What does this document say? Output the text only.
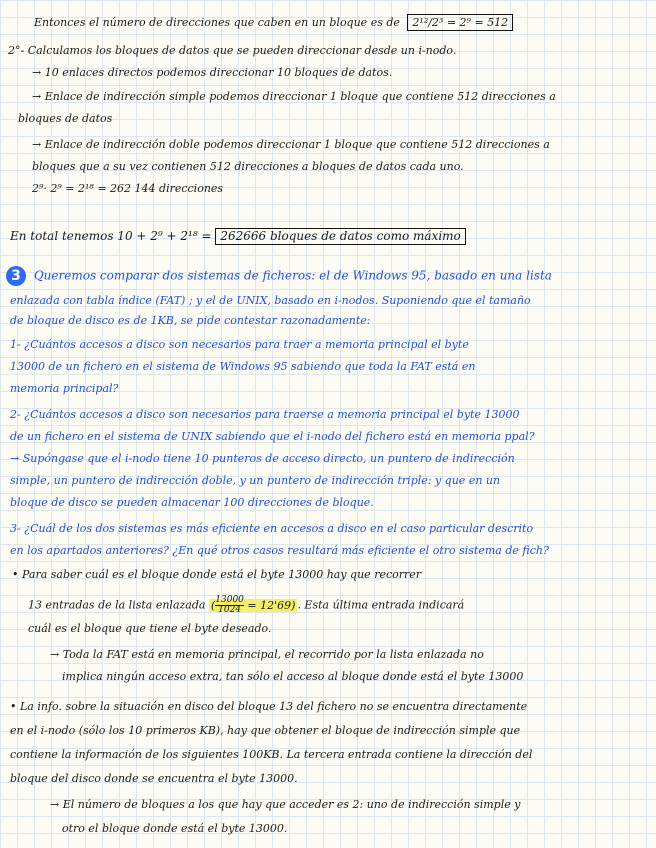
Entonces el número de direcciones que caben en un bloque es de 2¹²/2³ = 2⁹ = 512
2°- Calculamos los bloques de datos que se pueden direccionar desde un i-nodo.
→ 10 enlaces directos podemos direccionar 10 bloques de datos.
→ Enlace de indirección simple podemos direccionar 1 bloque que contiene 512 direcciones a
bloques de datos
→ Enlace de indirección doble podemos direccionar 1 bloque que contiene 512 direcciones a
bloques que a su vez contienen 512 direcciones a bloques de datos cada uno.
2⁹· 2⁹ = 2¹⁸ = 262 144 direcciones
En total tenemos 10 + 2⁹ + 2¹⁸ = 262666 bloques de datos como máximo
3 Queremos comparar dos sistemas de ficheros: el de Windows 95, basado en una lista
enlazada con tabla índice (FAT) ; y el de UNIX, basado en i-nodos. Suponiendo que el tamaño
de bloque de disco es de 1KB, se pide contestar razonadamente:
1- ¿Cuántos accesos a disco son necesarios para traer a memoria principal el byte
13000 de un fichero en el sistema de Windows 95 sabiendo que toda la FAT está en
memoria principal?
2- ¿Cuántos accesos a disco son necesarios para traerse a memoria principal el byte 13000
de un fichero en el sistema de UNIX sabiendo que el i-nodo del fichero está en memoria ppal?
→ Supóngase que el i-nodo tiene 10 punteros de acceso directo, un puntero de indirección
simple, un puntero de indirección doble, y un puntero de indirección triple: y que en un
bloque de disco se pueden almacenar 100 direcciones de bloque.
3- ¿Cuál de los dos sistemas es más eficiente en accesos a disco en el caso particular descrito
en los apartados anteriores? ¿En qué otros casos resultará más eficiente el otro sistema de fich?
• Para saber cuál es el bloque donde está el byte 13000 hay que recorrer
13 entradas de la lista enlazada ( $\frac{13000}{1024} = 12'69$) . Esta última entrada indicará
cuál es el bloque que tiene el byte deseado.
→ Toda la FAT está en memoria principal, el recorrido por la lista enlazada no
implica ningún acceso extra, tan sólo el acceso al bloque donde está el byte 13000
• La info. sobre la situación en disco del bloque 13 del fichero no se encuentra directamente
en el i-nodo (sólo los 10 primeros KB), hay que obtener el bloque de indirección simple que
contiene la información de los siguientes 100KB. La tercera entrada contiene la dirección del
bloque del disco donde se encuentra el byte 13000.
→ El número de bloques a los que hay que acceder es 2: uno de indirección simple y
otro el bloque donde está el byte 13000.
